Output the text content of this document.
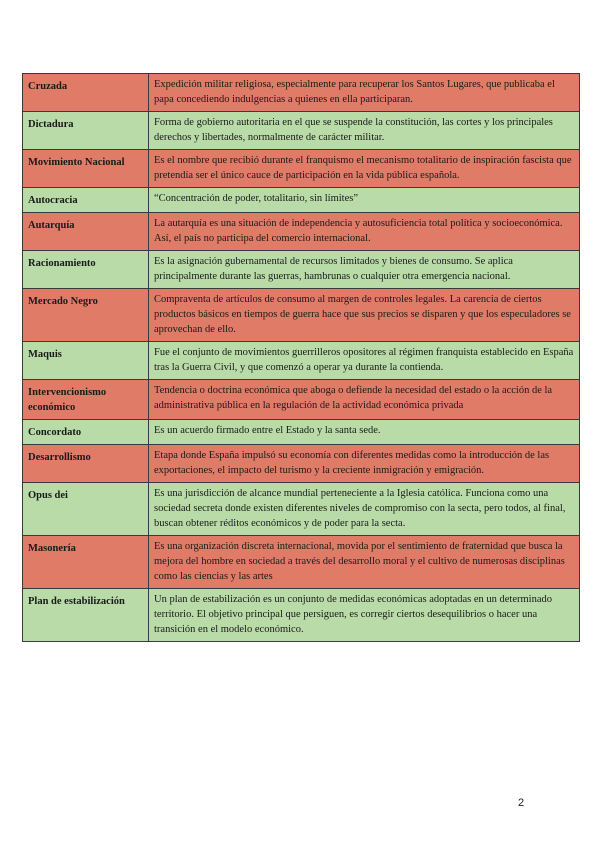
Cruzada	Expedición militar religiosa, especialmente para recuperar los Santos Lugares, que publicaba el papa concediendo indulgencias a quienes en ella participaran.
Dictadura	Forma de gobierno autoritaria en el que se suspende la constitución, las cortes y los principales derechos y libertades, normalmente de carácter militar.
Movimiento Nacional	Es el nombre que recibió durante el franquismo el mecanismo totalitario de inspiración fascista que pretendía ser el único cauce de participación en la vida pública española.
Autocracia	“Concentración de poder, totalitario, sin límites”
Autarquía	La autarquía es una situación de independencia y autosuficiencia total política y socioeconómica. Así, el país no participa del comercio internacional.
Racionamiento	Es la asignación gubernamental de recursos limitados y bienes de consumo. Se aplica principalmente durante las guerras, hambrunas o cualquier otra emergencia nacional.
Mercado Negro	Compraventa de artículos de consumo al margen de controles legales. La carencia de ciertos productos básicos en tiempos de guerra hace que sus precios se disparen y que los especuladores se aprovechan de ello.
Maquis	Fue el conjunto de movimientos guerrilleros opositores al régimen franquista establecido en España tras la Guerra Civil, y que comenzó a operar ya durante la contienda.
Intervencionismo económico	Tendencia o doctrina económica que aboga o defiende la necesidad del estado o la acción de la administrativa pública en la regulación de la actividad económica privada
Concordato	Es un acuerdo firmado entre el Estado y la santa sede.
Desarrollismo	Etapa donde España impulsó su economía con diferentes medidas como la introducción de las exportaciones, el impacto del turismo y la creciente inmigración y emigración.
Opus dei	Es una jurisdicción de alcance mundial perteneciente a la Iglesia católica. Funciona como una sociedad secreta donde existen diferentes niveles de compromiso con la secta, pero todos, al final, buscan obtener réditos económicos y de poder para la secta.
Masonería	Es una organización discreta internacional, movida por el sentimiento de fraternidad que busca la mejora del hombre en sociedad a través del desarrollo moral y el cultivo de numerosas disciplinas como las ciencias y las artes
Plan de estabilización	Un plan de estabilización es un conjunto de medidas económicas adoptadas en un determinado territorio. El objetivo principal que persiguen, es corregir ciertos desequilibrios o hacer una transición en el modelo económico.
2
